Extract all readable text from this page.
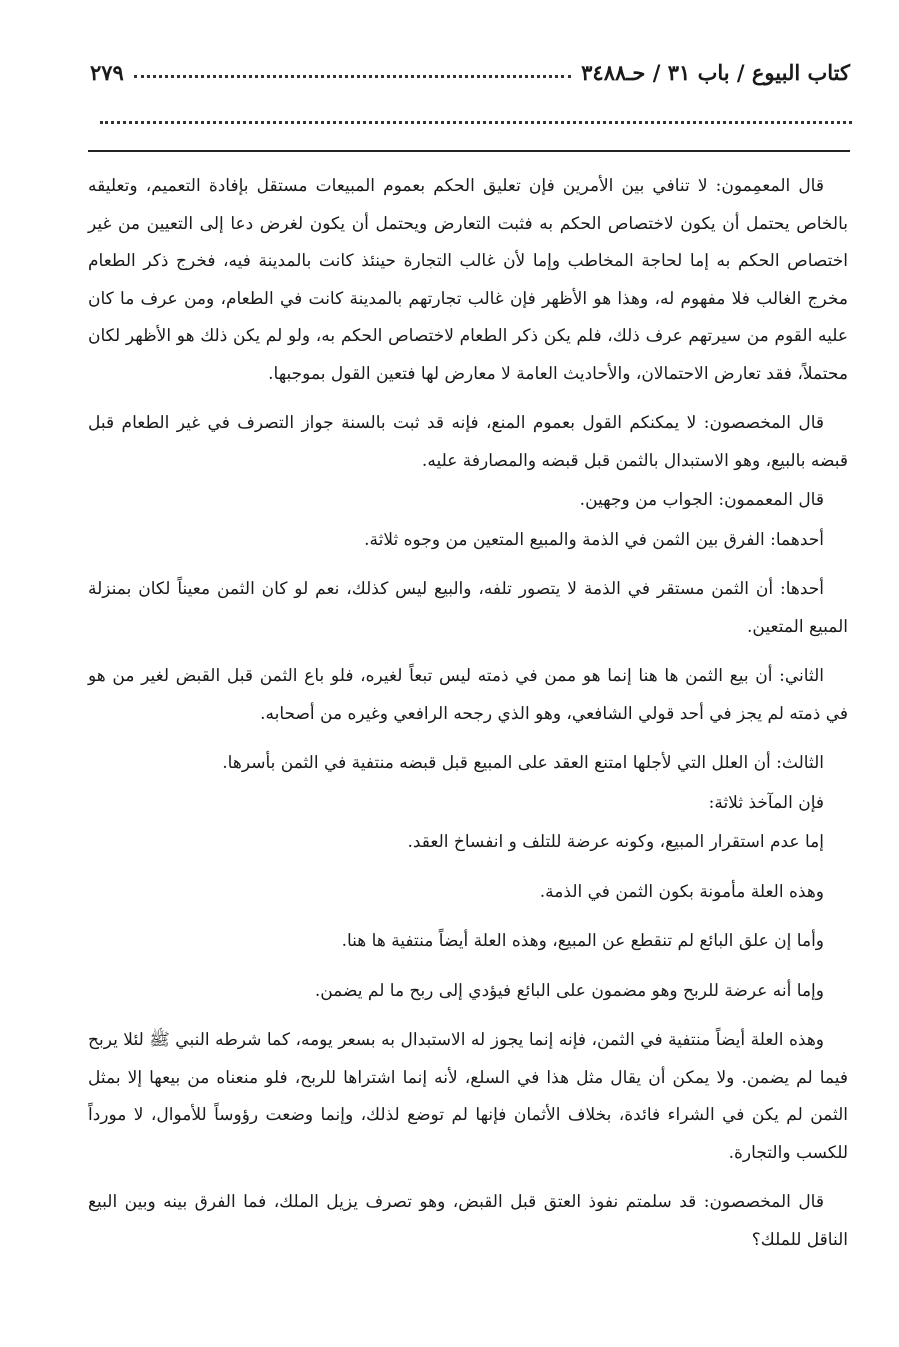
كتاب البيوع / باب ٣١ / حـ٣٤٨٨
٢٧٩

قال المعمِمون: لا تنافي بين الأمرين فإن تعليق الحكم بعموم المبيعات مستقل بإفادة التعميم، وتعليقه بالخاص يحتمل أن يكون لاختصاص الحكم به فثبت التعارض ويحتمل أن يكون لغرض دعا إلى التعيين من غير اختصاص الحكم به إما لحاجة المخاطب وإما لأن غالب التجارة حينئذ كانت بالمدينة فيه، فخرج ذكر الطعام مخرج الغالب فلا مفهوم له، وهذا هو الأظهر فإن غالب تجارتهم بالمدينة كانت في الطعام، ومن عرف ما كان عليه القوم من سيرتهم عرف ذلك، فلم يكن ذكر الطعام لاختصاص الحكم به، ولو لم يكن ذلك هو الأظهر لكان محتملاً، فقد تعارض الاحتمالان، والأحاديث العامة لا معارض لها فتعين القول بموجبها.

قال المخصصون: لا يمكنكم القول بعموم المنع، فإنه قد ثبت بالسنة جواز التصرف في غير الطعام قبل قبضه بالبيع، وهو الاستبدال بالثمن قبل قبضه والمصارفة عليه.

قال المعممون: الجواب من وجهين.

أحدهما: الفرق بين الثمن في الذمة والمبيع المتعين من وجوه ثلاثة.

أحدها: أن الثمن مستقر في الذمة لا يتصور تلفه، والبيع ليس كذلك، نعم لو كان الثمن معيناً لكان بمنزلة المبيع المتعين.

الثاني: أن بيع الثمن ها هنا إنما هو ممن في ذمته ليس تبعاً لغيره، فلو باع الثمن قبل القبض لغير من هو في ذمته لم يجز في أحد قولي الشافعي، وهو الذي رجحه الرافعي وغيره من أصحابه.

الثالث: أن العلل التي لأجلها امتنع العقد على المبيع قبل قبضه منتفية في الثمن بأسرها.

فإن المآخذ ثلاثة:

إما عدم استقرار المبيع، وكونه عرضة للتلف و انفساخ العقد.

وهذه العلة مأمونة بكون الثمن في الذمة.

وأما إن علق البائع لم تنقطع عن المبيع، وهذه العلة أيضاً منتفية ها هنا.

وإما أنه عرضة للربح وهو مضمون على البائع فيؤدي إلى ربح ما لم يضمن.

وهذه العلة أيضاً منتفية في الثمن، فإنه إنما يجوز له الاستبدال به بسعر يومه، كما شرطه النبي ﷺ لئلا يربح فيما لم يضمن. ولا يمكن أن يقال مثل هذا في السلع، لأنه إنما اشتراها للربح، فلو منعناه من بيعها إلا بمثل الثمن لم يكن في الشراء فائدة، بخلاف الأثمان فإنها لم توضع لذلك، وإنما وضعت رؤوساً للأموال، لا مورداً للكسب والتجارة.

قال المخصصون: قد سلمتم نفوذ العتق قبل القبض، وهو تصرف يزيل الملك، فما الفرق بينه وبين البيع الناقل للملك؟
